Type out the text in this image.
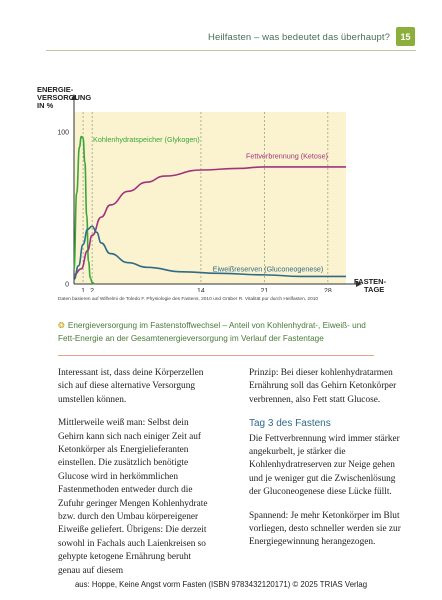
Heilfasten – was bedeutet das überhaupt?	15
0
100
1 2	14	21	28
Kohlenhydratspeicher (Glykogen)
Fettverbrennung (Ketose)
Eiweißreserven (Gluconeogenese)
ENERGIE-
VERSORGUNG
IN %
FASTEN-
TAGE
Daten basieren auf Wilhelmi de Toledo F. Physiologie des Fastens, 2010 und Gräber R. Vitalität pur durch Heilfasten, 2010
❂ Energieversorgung im Fastenstoffwechsel – Anteil von Kohlenhydrat-, Eiweiß- und Fett-Energie an der Gesamtenergieversorgung im Verlauf der Fastentage

Interessant ist, dass deine Körperzellen sich auf diese alternative Versorgung umstellen können.

Mittlerweile weiß man: Selbst dein Gehirn kann sich nach einiger Zeit auf Ketonkörper als Energielieferanten einstellen. Die zusätzlich benötigte Glucose wird in herkömmlichen Fastenmethoden entweder durch die Zufuhr geringer Mengen Kohlenhydrate bzw. durch den Umbau körpereigener Eiweiße geliefert. Übrigens: Die derzeit sowohl in Fachals auch Laienkreisen so gehypte ketogene Ernährung beruht genau auf diesem

Prinzip: Bei dieser kohlenhydratarmen Ernährung soll das Gehirn Ketonkörper verbrennen, also Fett statt Glucose.

Tag 3 des Fastens

Die Fettverbrennung wird immer stärker angekurbelt, je stärker die Kohlenhydratreserven zur Neige gehen und je weniger gut die Zwischenlösung der Gluconeogenese diese Lücke füllt.

Spannend: Je mehr Ketonkörper im Blut vorliegen, desto schneller werden sie zur Energiegewinnung herangezogen.

aus: Hoppe, Keine Angst vorm Fasten (ISBN 9783432120171) © 2025 TRIAS Verlag
